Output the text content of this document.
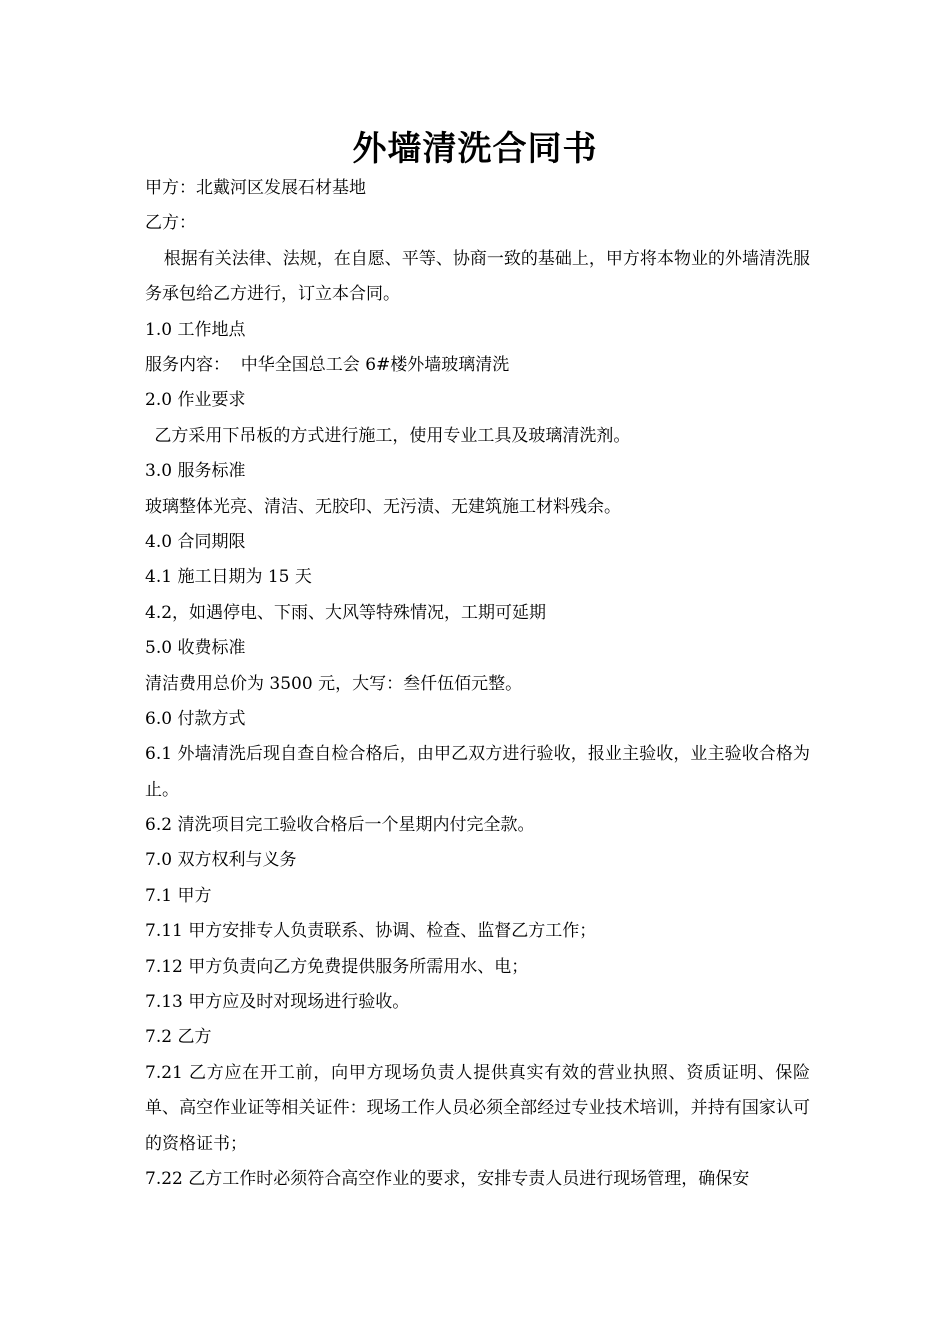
外墙清洗合同书
甲方：北戴河区发展石材基地
乙方：
根据有关法律、法规，在自愿、平等、协商一致的基础上，甲方将本物业的外墙清洗服务承包给乙方进行，订立本合同。
1.0 工作地点
服务内容：  中华全国总工会 6#楼外墙玻璃清洗
2.0 作业要求
乙方采用下吊板的方式进行施工，使用专业工具及玻璃清洗剂。
3.0 服务标准
玻璃整体光亮、清洁、无胶印、无污渍、无建筑施工材料残余。
4.0 合同期限
4.1 施工日期为 15 天
4.2，如遇停电、下雨、大风等特殊情况，工期可延期
5.0 收费标准
清洁费用总价为 3500 元，大写：叁仟伍佰元整。
6.0 付款方式
6.1 外墙清洗后现自查自检合格后，由甲乙双方进行验收，报业主验收，业主验收合格为止。
6.2 清洗项目完工验收合格后一个星期内付完全款。
7.0 双方权利与义务
7.1 甲方
7.11 甲方安排专人负责联系、协调、检查、监督乙方工作；
7.12 甲方负责向乙方免费提供服务所需用水、电；
7.13 甲方应及时对现场进行验收。
7.2 乙方
7.21 乙方应在开工前，向甲方现场负责人提供真实有效的营业执照、资质证明、保险单、高空作业证等相关证件：现场工作人员必须全部经过专业技术培训，并持有国家认可的资格证书；
7.22 乙方工作时必须符合高空作业的要求，安排专责人员进行现场管理，确保安
